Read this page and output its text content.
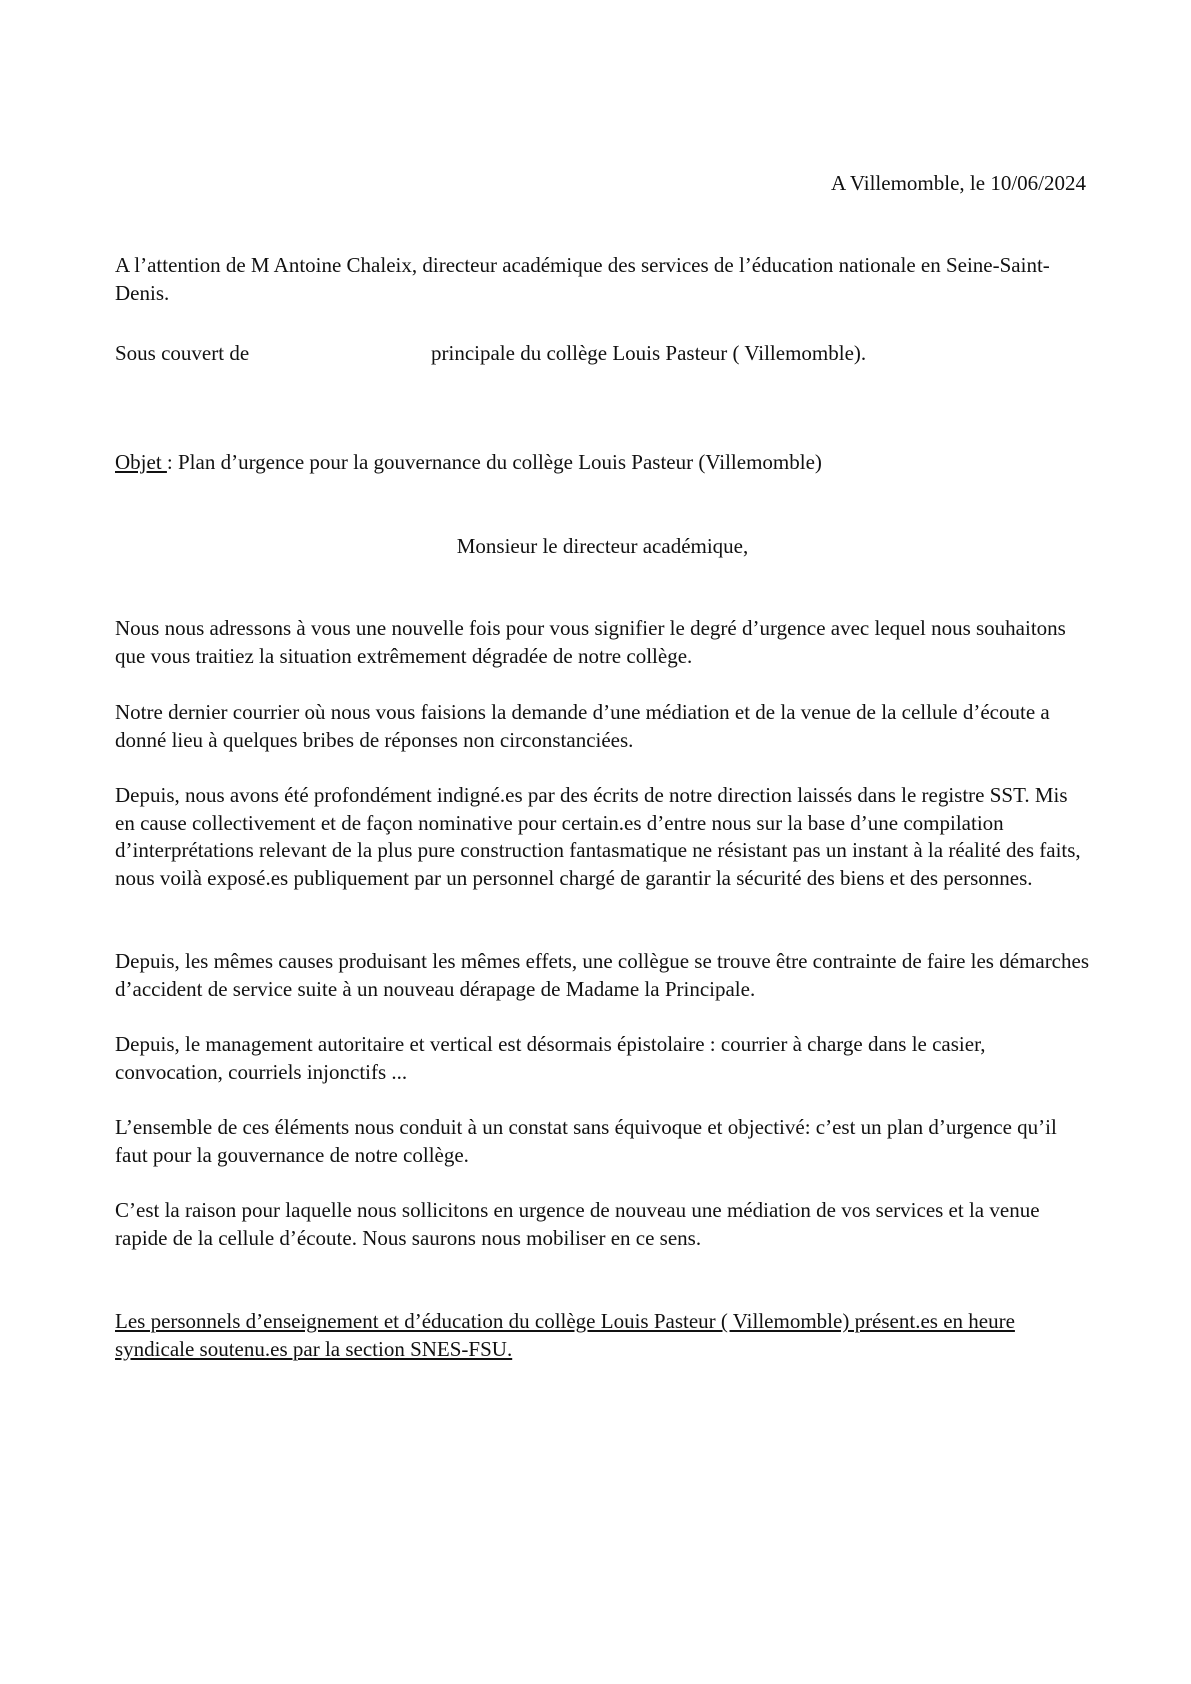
A Villemomble, le 10/06/2024
A l’attention de M Antoine Chaleix, directeur académique des services de l’éducation nationale en Seine-Saint-Denis.
Sous couvert de	principale du collège Louis Pasteur ( Villemomble).
Objet : Plan d’urgence pour la gouvernance du collège Louis Pasteur (Villemomble)
Monsieur le directeur académique,
Nous nous adressons à vous une nouvelle fois pour vous signifier le degré d’urgence avec lequel nous souhaitons que vous traitiez la situation extrêmement dégradée de notre collège.
Notre dernier courrier où nous vous faisions la demande d’une médiation et de la venue de la cellule d’écoute a donné lieu à quelques bribes de réponses non circonstanciées.
Depuis, nous avons été profondément indigné.es par des écrits de notre direction laissés dans le registre SST. Mis en cause collectivement et de façon nominative pour certain.es d’entre nous sur la base d’une compilation d’interprétations relevant de la plus pure construction fantasmatique ne résistant pas un instant à la réalité des faits, nous voilà exposé.es publiquement par un personnel chargé de garantir la sécurité des biens et des personnes.
Depuis, les mêmes causes produisant les mêmes effets, une collègue se trouve être contrainte de faire les démarches d’accident de service suite à un nouveau dérapage de Madame la Principale.
Depuis, le management autoritaire et vertical est désormais épistolaire : courrier à charge dans le casier, convocation, courriels injonctifs ...
L’ensemble de ces éléments nous conduit à un constat sans équivoque et objectivé: c’est un plan d’urgence qu’il faut pour la gouvernance de notre collège.
C’est la raison pour laquelle nous sollicitons en urgence de nouveau une médiation de vos services et la venue rapide de la cellule d’écoute. Nous saurons nous mobiliser en ce sens.
Les personnels d’enseignement et d’éducation du collège Louis Pasteur ( Villemomble) présent.es en heure syndicale soutenu.es par la section SNES-FSU.
